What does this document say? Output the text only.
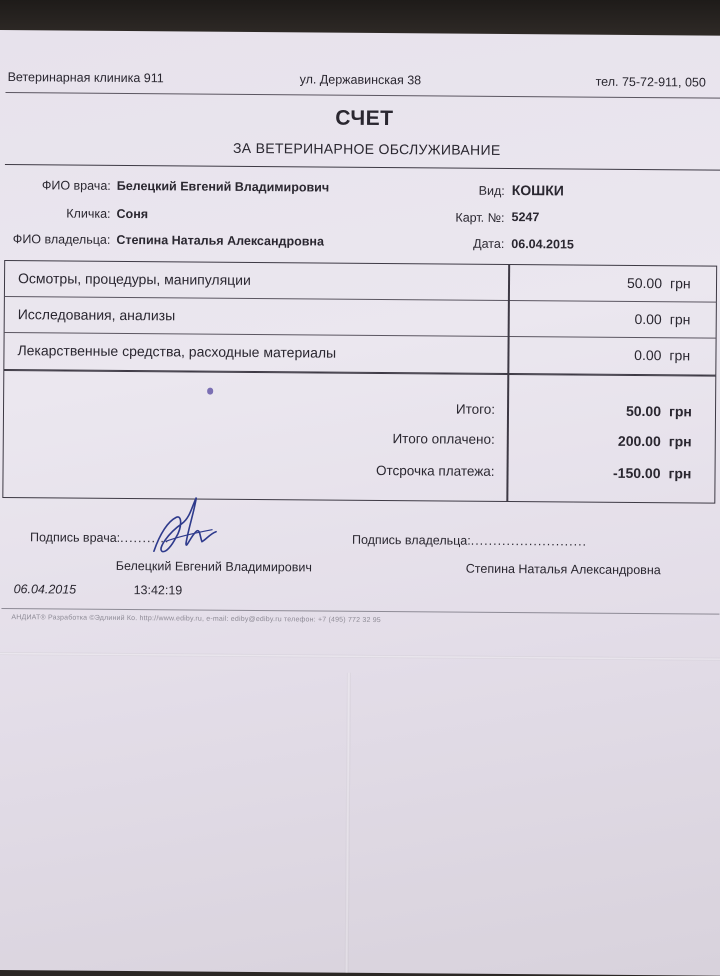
Ветеринарная клиника 911	ул. Державинская 38	тел. 75-72-911, 050
СЧЕТ
ЗА ВЕТЕРИНАРНОЕ ОБСЛУЖИВАНИЕ
ФИО врача: Белецкий Евгений Владимирович
Кличка: Соня
ФИО владельца: Степина Наталья Александровна
Вид: КОШКИ
Карт. №: 5247
Дата: 06.04.2015
Осмотры, процедуры, манипуляции	50.00 грн
Исследования, анализы	0.00 грн
Лекарственные средства, расходные материалы	0.00 грн
Итого:	50.00 грн
Итого оплачено:	200.00 грн
Отсрочка платежа:	-150.00 грн
Подпись врача:...........	Подпись владельца:..........................
Белецкий Евгений Владимирович	Степина Наталья Александровна
06.04.2015	13:42:19
АНДИАТ® Разработка ©Эдлиний Ко. http://www.ediby.ru, e-mail: ediby@ediby.ru телефон: +7 (495) 772 32 95
